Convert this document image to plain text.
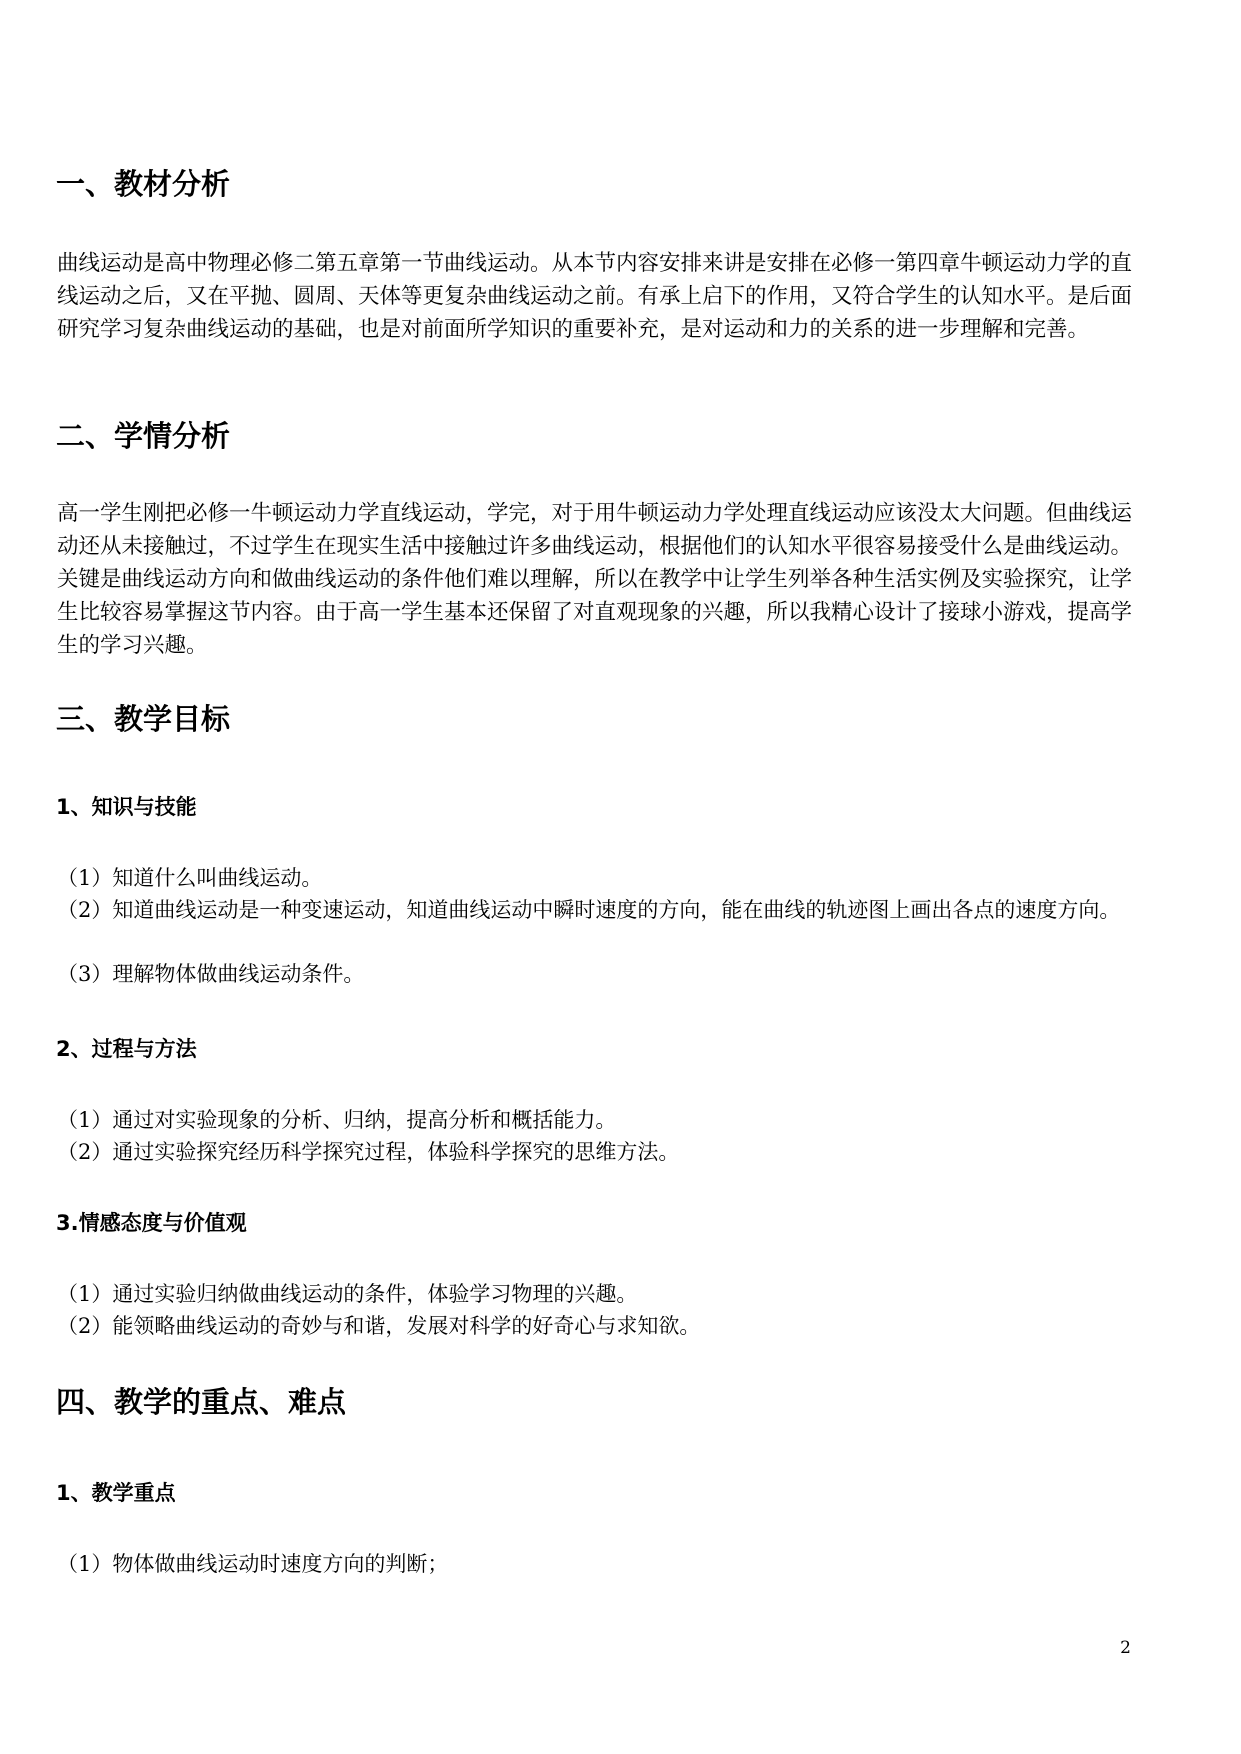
一、教材分析

曲线运动是高中物理必修二第五章第一节曲线运动。从本节内容安排来讲是安排在必修一第四章牛顿运动力学的直线运动之后，又在平抛、圆周、天体等更复杂曲线运动之前。有承上启下的作用，又符合学生的认知水平。是后面研究学习复杂曲线运动的基础，也是对前面所学知识的重要补充，是对运动和力的关系的进一步理解和完善。

二、学情分析

高一学生刚把必修一牛顿运动力学直线运动，学完，对于用牛顿运动力学处理直线运动应该没太大问题。但曲线运动还从未接触过，不过学生在现实生活中接触过许多曲线运动，根据他们的认知水平很容易接受什么是曲线运动。关键是曲线运动方向和做曲线运动的条件他们难以理解，所以在教学中让学生列举各种生活实例及实验探究，让学生比较容易掌握这节内容。由于高一学生基本还保留了对直观现象的兴趣，所以我精心设计了接球小游戏，提高学生的学习兴趣。

三、教学目标
1、知识与技能

（1）知道什么叫曲线运动。

（2）知道曲线运动是一种变速运动，知道曲线运动中瞬时速度的方向，能在曲线的轨迹图上画出各点的速度方向。

（3）理解物体做曲线运动条件。

2、过程与方法

（1）通过对实验现象的分析、归纳，提高分析和概括能力。

（2）通过实验探究经历科学探究过程，体验科学探究的思维方法。

3.情感态度与价值观

（1）通过实验归纳做曲线运动的条件，体验学习物理的兴趣。

（2）能领略曲线运动的奇妙与和谐，发展对科学的好奇心与求知欲。

四、教学的重点、难点
1、教学重点

（1）物体做曲线运动时速度方向的判断；

2
